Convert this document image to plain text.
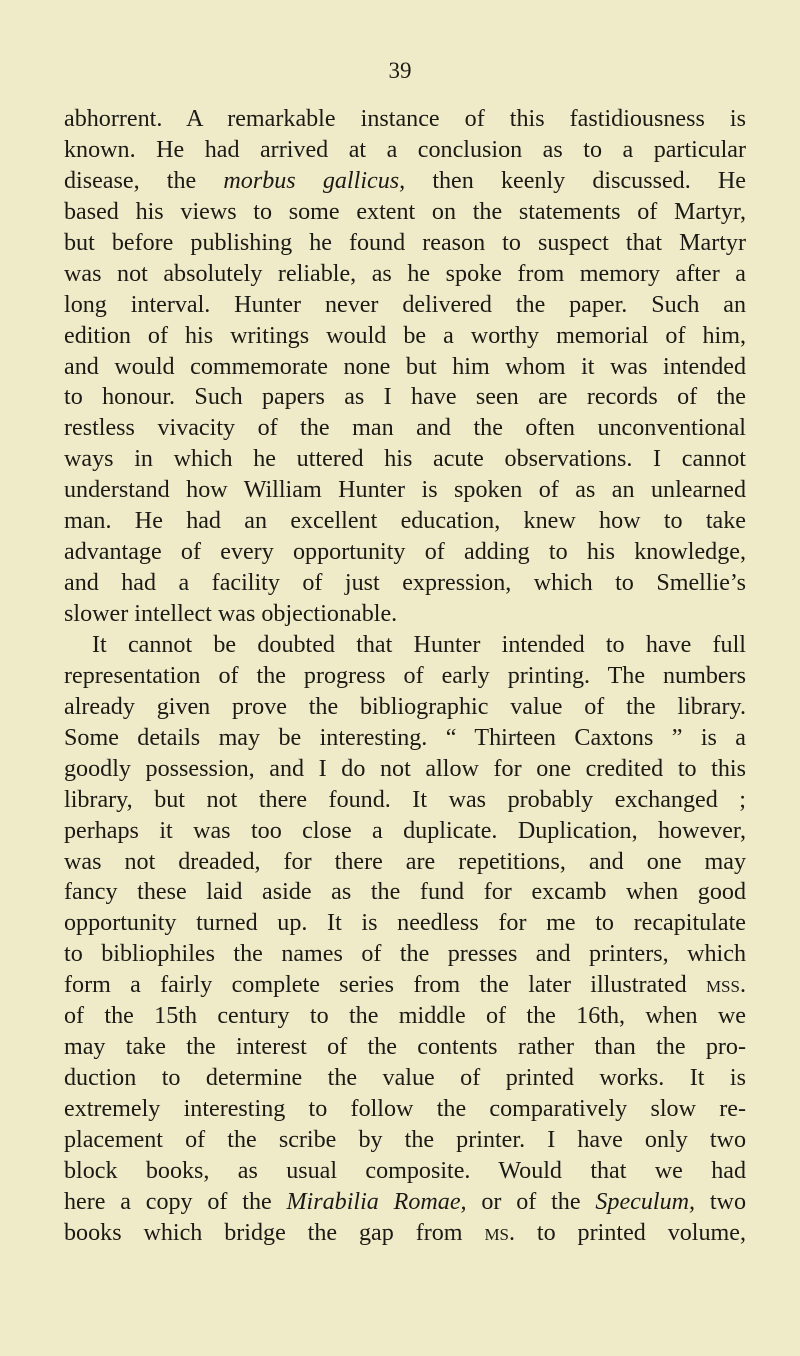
39
abhorrent. A remarkable instance of this fastidiousness is
known. He had arrived at a conclusion as to a particular
disease, the morbus gallicus, then keenly discussed. He
based his views to some extent on the statements of Martyr,
but before publishing he found reason to suspect that Martyr
was not absolutely reliable, as he spoke from memory after a
long interval. Hunter never delivered the paper. Such an
edition of his writings would be a worthy memorial of him,
and would commemorate none but him whom it was intended
to honour. Such papers as I have seen are records of the
restless vivacity of the man and the often unconventional
ways in which he uttered his acute observations. I cannot
understand how William Hunter is spoken of as an unlearned
man. He had an excellent education, knew how to take
advantage of every opportunity of adding to his knowledge,
and had a facility of just expression, which to Smellie’s
slower intellect was objectionable.
It cannot be doubted that Hunter intended to have full
representation of the progress of early printing. The numbers
already given prove the bibliographic value of the library.
Some details may be interesting. “ Thirteen Caxtons ” is a
goodly possession, and I do not allow for one credited to this
library, but not there found. It was probably exchanged ;
perhaps it was too close a duplicate. Duplication, however,
was not dreaded, for there are repetitions, and one may
fancy these laid aside as the fund for excamb when good
opportunity turned up. It is needless for me to recapitulate
to bibliophiles the names of the presses and printers, which
form a fairly complete series from the later illustrated mss.
of the 15th century to the middle of the 16th, when we
may take the interest of the contents rather than the pro-
duction to determine the value of printed works. It is
extremely interesting to follow the comparatively slow re-
placement of the scribe by the printer. I have only two
block books, as usual composite. Would that we had
here a copy of the Mirabilia Romae, or of the Speculum, two
books which bridge the gap from ms. to printed volume,
